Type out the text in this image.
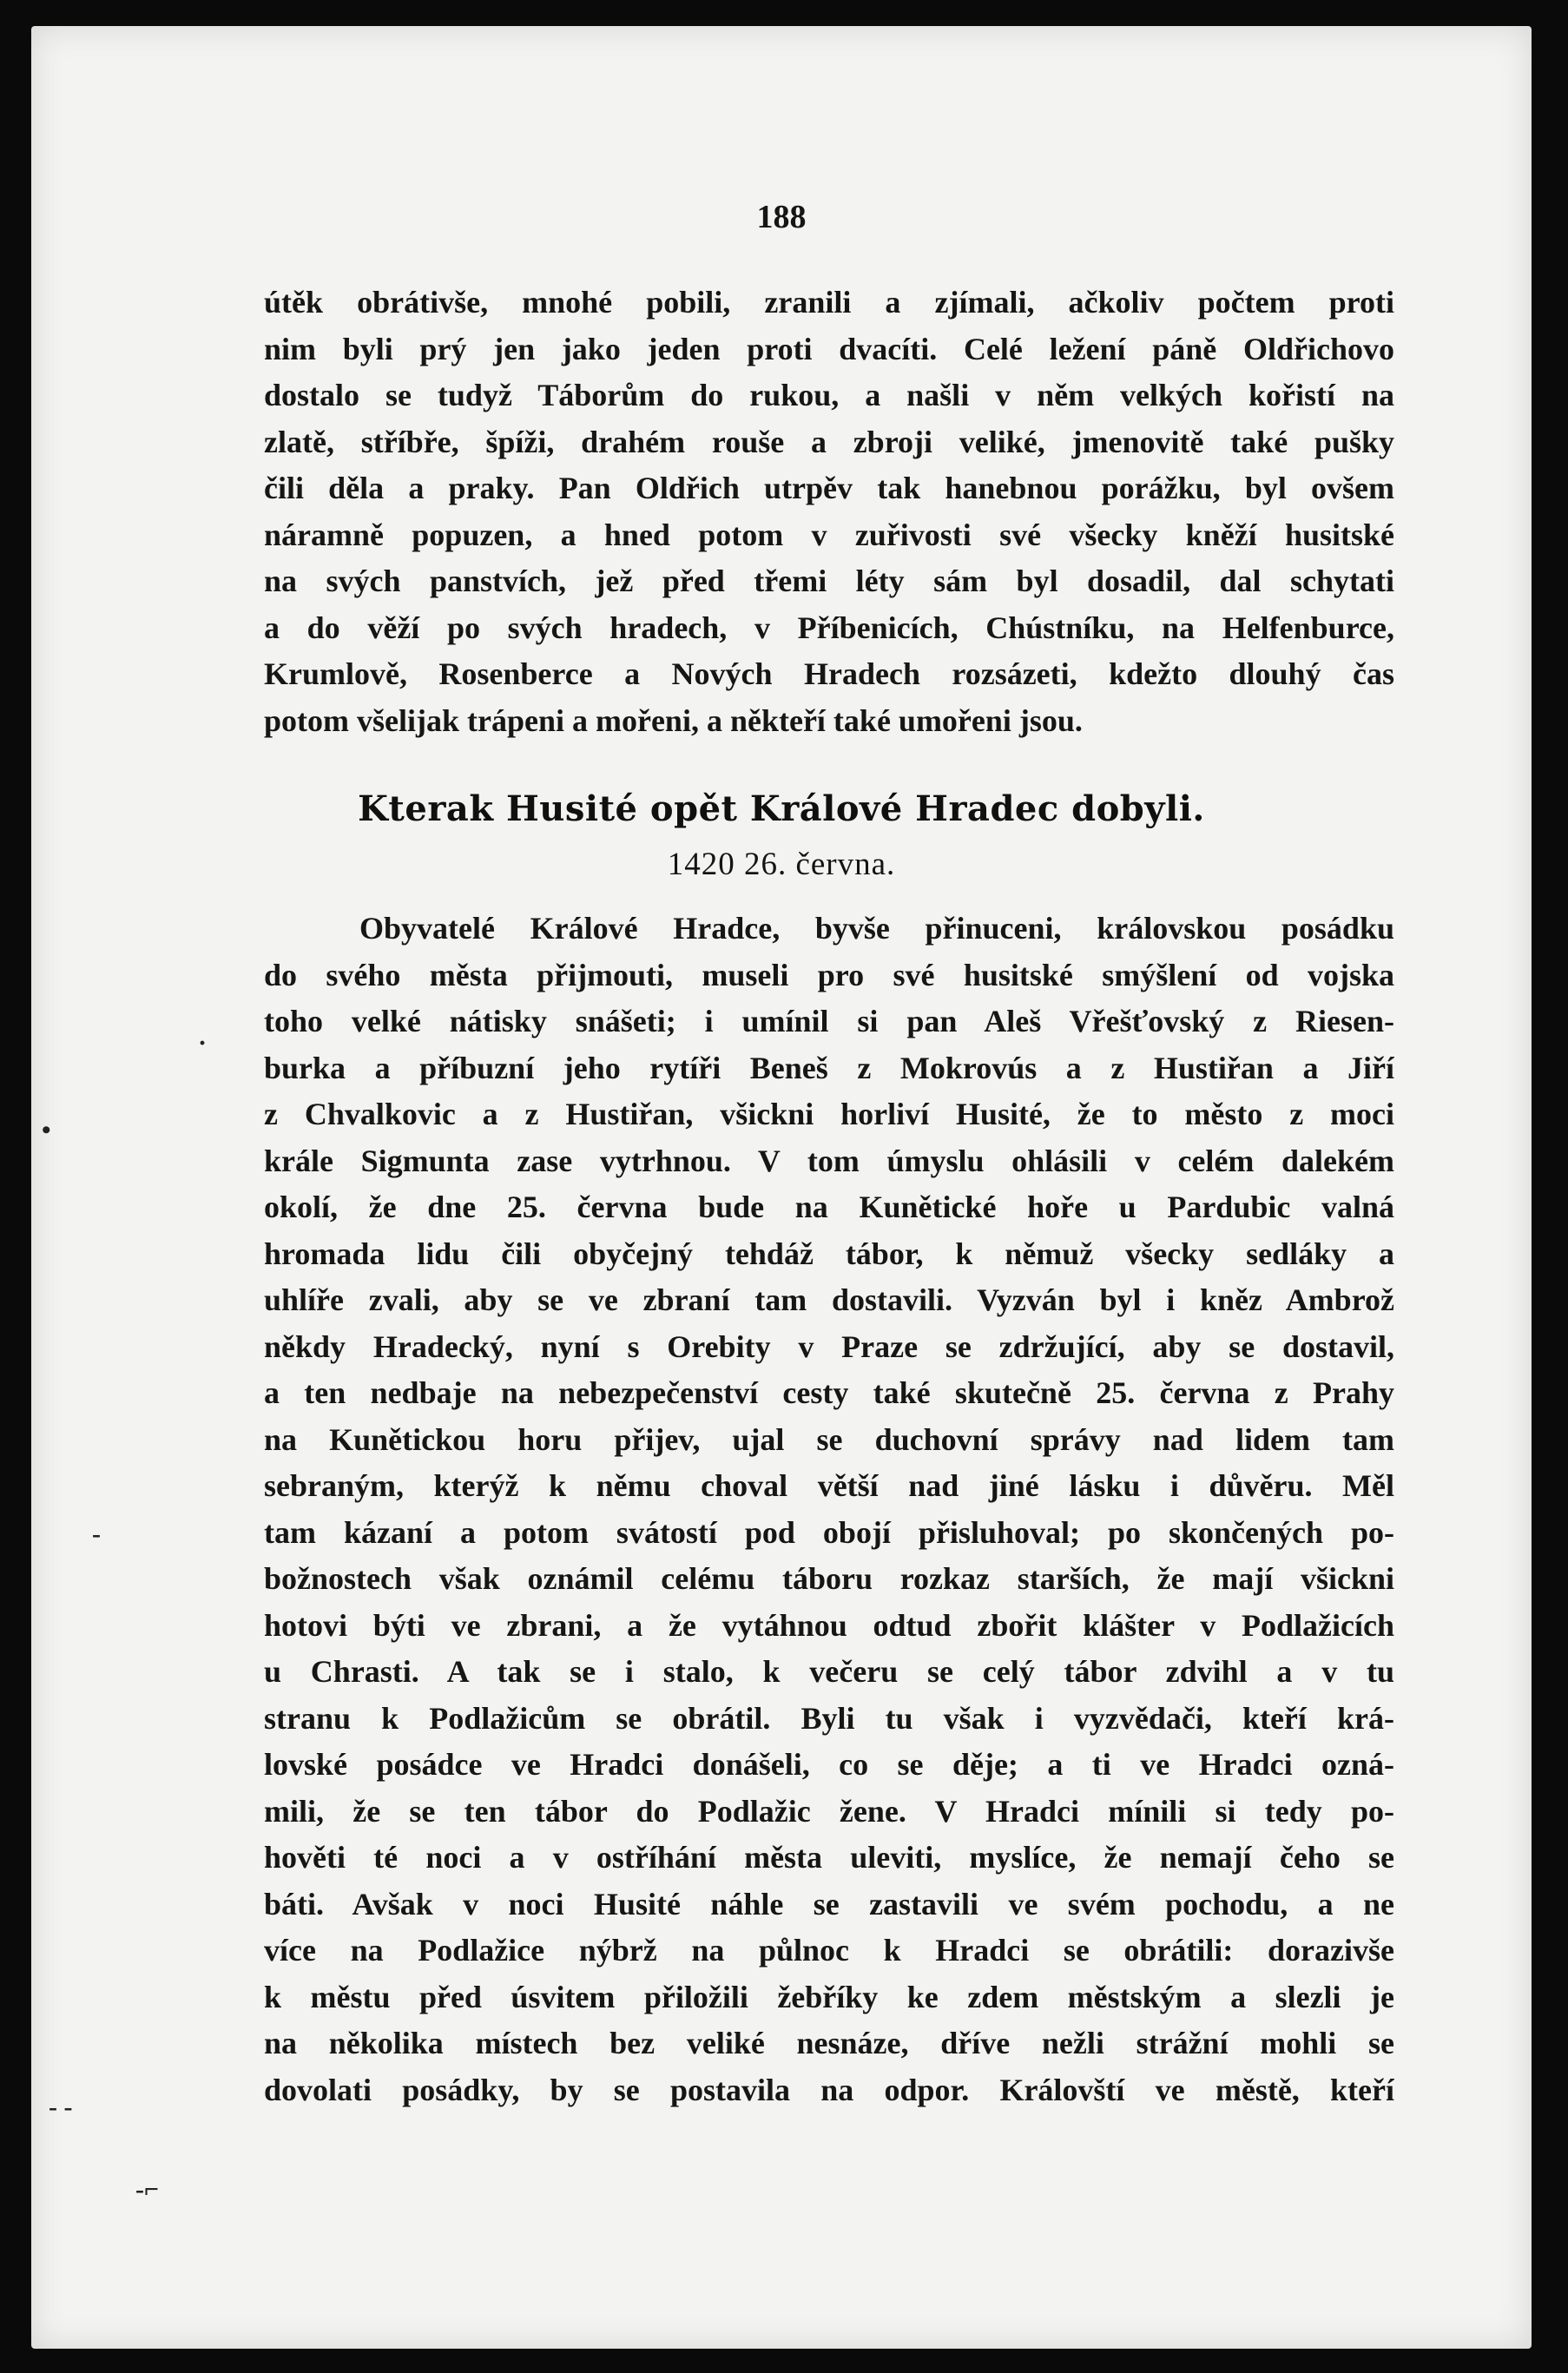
188
útěk obrátivše, mnohé pobili, zranili a zjímali, ačkoliv počtem proti
nim byli prý jen jako jeden proti dvacíti. Celé ležení páně Oldřichovo
dostalo se tudyž Táborům do rukou, a našli v něm velkých kořistí na
zlatě, stříbře, špíži, drahém rouše a zbroji veliké, jmenovitě také pušky
čili děla a praky. Pan Oldřich utrpěv tak hanebnou porážku, byl ovšem
náramně popuzen, a hned potom v zuřivosti své všecky kněží husitské
na svých panstvích, jež před třemi léty sám byl dosadil, dal schytati
a do věží po svých hradech, v Příbenicích, Chústníku, na Helfenburce,
Krumlově, Rosenberce a Nových Hradech rozsázeti, kdežto dlouhý čas
potom všelijak trápeni a mořeni, a někteří také umořeni jsou.
Kterak Husité opět Králové Hradec dobyli.
1420 26. června.
Obyvatelé Králové Hradce, byvše přinuceni, královskou posádku
do svého města přijmouti, museli pro své husitské smýšlení od vojska
toho velké nátisky snášeti; i umínil si pan Aleš Vřešťovský z Riesen-
burka a příbuzní jeho rytíři Beneš z Mokrovús a z Hustiřan a Jiří
z Chvalkovic a z Hustiřan, všickni horliví Husité, že to město z moci
krále Sigmunta zase vytrhnou. V tom úmyslu ohlásili v celém dalekém
okolí, že dne 25. června bude na Kunětické hoře u Pardubic valná
hromada lidu čili obyčejný tehdáž tábor, k němuž všecky sedláky a
uhlíře zvali, aby se ve zbraní tam dostavili. Vyzván byl i kněz Ambrož
někdy Hradecký, nyní s Orebity v Praze se zdržující, aby se dostavil,
a ten nedbaje na nebezpečenství cesty také skutečně 25. června z Prahy
na Kunětickou horu přijev, ujal se duchovní správy nad lidem tam
sebraným, kterýž k němu choval větší nad jiné lásku i důvěru. Měl
tam kázaní a potom svátostí pod obojí přisluhoval; po skončených po-
božnostech však oznámil celému táboru rozkaz starších, že mají všickni
hotovi býti ve zbrani, a že vytáhnou odtud zbořit klášter v Podlažicích
u Chrasti. A tak se i stalo, k večeru se celý tábor zdvihl a v tu
stranu k Podlažicům se obrátil. Byli tu však i vyzvědači, kteří krá-
lovské posádce ve Hradci donášeli, co se děje; a ti ve Hradci ozná-
mili, že se ten tábor do Podlažic žene. V Hradci mínili si tedy po-
hověti té noci a v ostříhání města uleviti, myslíce, že nemají čeho se
báti. Avšak v noci Husité náhle se zastavili ve svém pochodu, a ne
více na Podlažice nýbrž na půlnoc k Hradci se obrátili: dorazivše
k městu před úsvitem přiložili žebříky ke zdem městským a slezli je
na několika místech bez veliké nesnáze, dříve nežli strážní mohli se
dovolati posádky, by se postavila na odpor. Královští ve městě, kteří
·
•
-
- -
-⌐
